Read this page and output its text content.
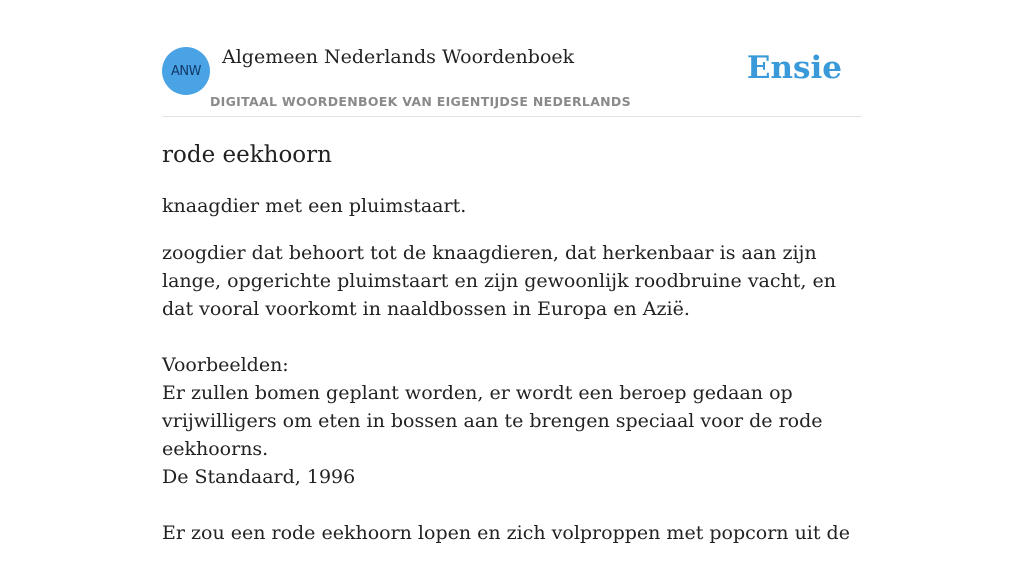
ANW
Algemeen Nederlands Woordenboek
DIGITAAL WOORDENBOEK VAN EIGENTIJDSE NEDERLANDS
Ensie
rode eekhoorn

knaagdier met een pluimstaart.

zoogdier dat behoort tot de knaagdieren, dat herkenbaar is aan zijn lange, opgerichte pluimstaart en zijn gewoonlijk roodbruine vacht, en dat vooral voorkomt in naaldbossen in Europa en Azië.

Voorbeelden:

Er zullen bomen geplant worden, er wordt een beroep gedaan op vrijwilligers om eten in bossen aan te brengen speciaal voor de rode eekhoorns.

De Standaard, 1996

Er zou een rode eekhoorn lopen en zich volproppen met popcorn uit de
